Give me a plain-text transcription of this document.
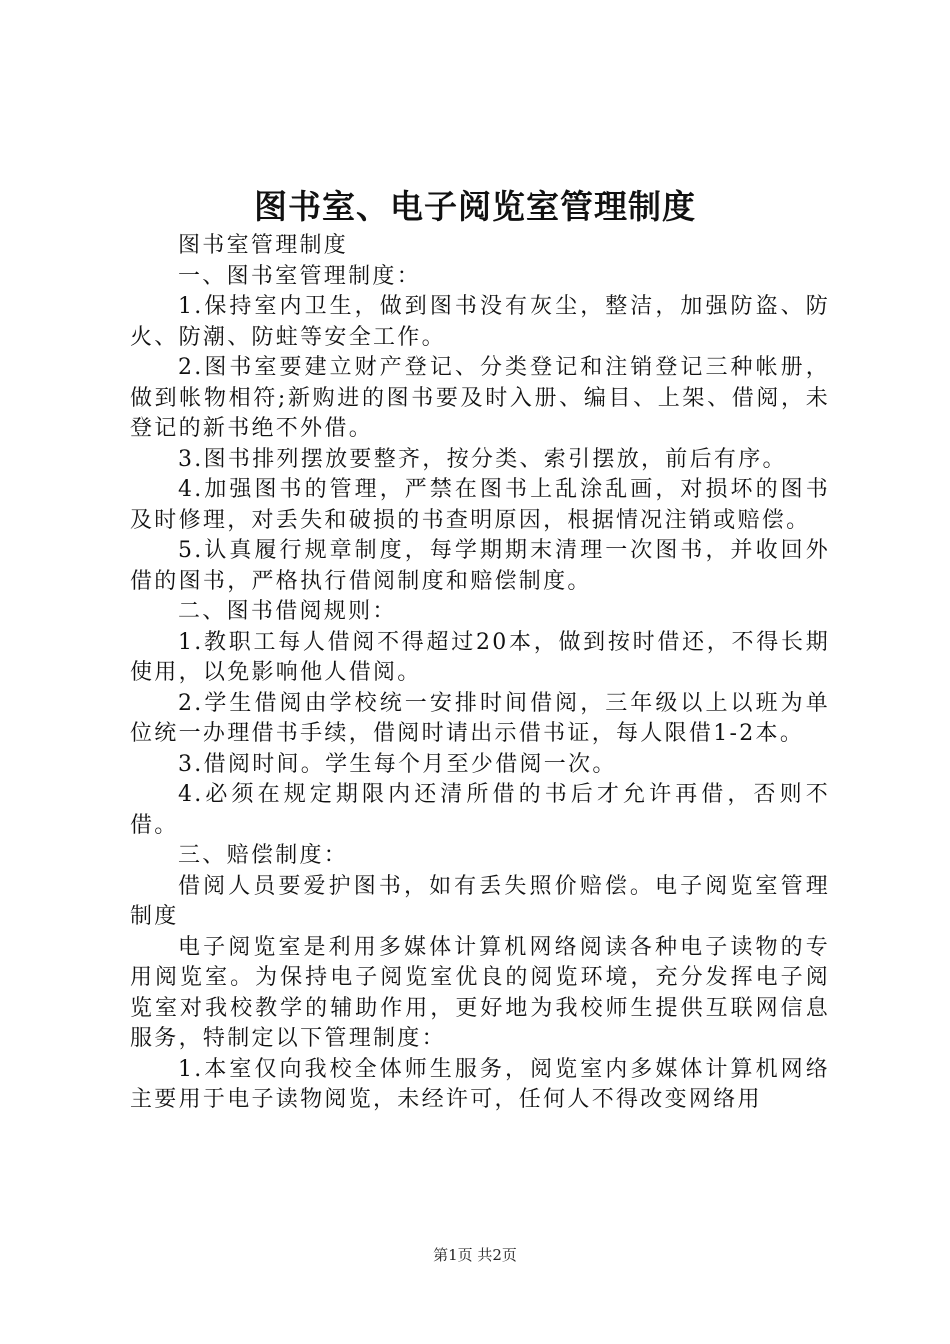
图书室、电子阅览室管理制度

图书室管理制度

一、图书室管理制度：

1.保持室内卫生，做到图书没有灰尘，整洁，加强防盗、防火、防潮、防蛀等安全工作。

2.图书室要建立财产登记、分类登记和注销登记三种帐册，做到帐物相符;新购进的图书要及时入册、编目、上架、借阅，未登记的新书绝不外借。

3.图书排列摆放要整齐，按分类、索引摆放，前后有序。

4.加强图书的管理，严禁在图书上乱涂乱画，对损坏的图书及时修理，对丢失和破损的书查明原因，根据情况注销或赔偿。

5.认真履行规章制度，每学期期末清理一次图书，并收回外借的图书，严格执行借阅制度和赔偿制度。

二、图书借阅规则：

1.教职工每人借阅不得超过20本，做到按时借还，不得长期使用，以免影响他人借阅。

2.学生借阅由学校统一安排时间借阅，三年级以上以班为单位统一办理借书手续，借阅时请出示借书证，每人限借1-2本。

3.借阅时间。学生每个月至少借阅一次。

4.必须在规定期限内还清所借的书后才允许再借，否则不借。

三、赔偿制度：

借阅人员要爱护图书，如有丢失照价赔偿。电子阅览室管理制度

电子阅览室是利用多媒体计算机网络阅读各种电子读物的专用阅览室。为保持电子阅览室优良的阅览环境，充分发挥电子阅览室对我校教学的辅助作用，更好地为我校师生提供互联网信息服务，特制定以下管理制度：

1.本室仅向我校全体师生服务，阅览室内多媒体计算机网络主要用于电子读物阅览，未经许可，任何人不得改变网络用

第1页 共2页
